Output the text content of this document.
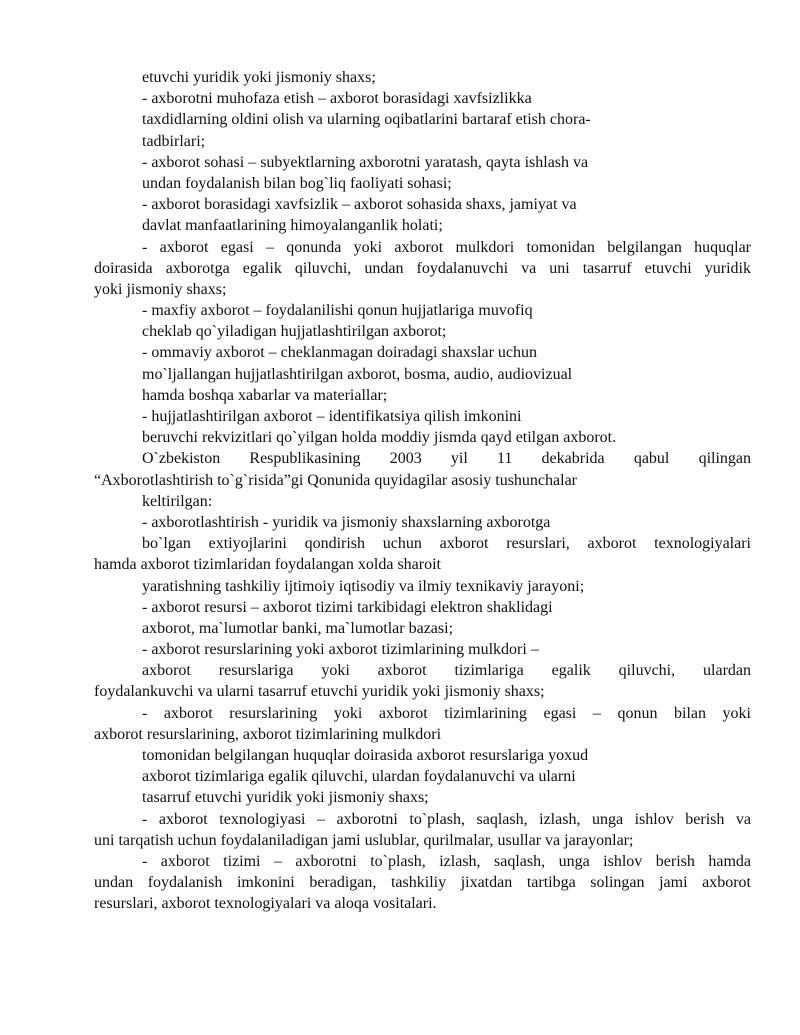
etuvchi yuridik yoki jismoniy shaxs;
- axborotni muhofaza etish – axborot borasidagi xavfsizlikka
taxdidlarning oldini olish va ularning oqibatlarini bartaraf etish chora-
tadbirlari;
- axborot sohasi – subyektlarning axborotni yaratash, qayta ishlash va
undan foydalanish bilan bog`liq faoliyati sohasi;
- axborot borasidagi xavfsizlik – axborot sohasida shaxs, jamiyat va
davlat manfaatlarining himoyalanganlik holati;
- axborot egasi – qonunda yoki axborot mulkdori tomonidan belgilangan huquqlar
doirasida axborotga egalik qiluvchi, undan foydalanuvchi va uni tasarruf etuvchi yuridik
yoki jismoniy shaxs;
- maxfiy axborot – foydalanilishi qonun hujjatlariga muvofiq
cheklab qo`yiladigan hujjatlashtirilgan axborot;
- ommaviy axborot – cheklanmagan doiradagi shaxslar uchun
mo`ljallangan hujjatlashtirilgan axborot, bosma, audio, audiovizual
hamda boshqa xabarlar va materiallar;
- hujjatlashtirilgan axborot – identifikatsiya qilish imkonini
beruvchi rekvizitlari qo`yilgan holda moddiy jismda qayd etilgan axborot.
O`zbekiston Respublikasining 2003 yil 11 dekabrida qabul qilingan
“Axborotlashtirish to`g`risida”gi Qonunida quyidagilar asosiy tushunchalar
keltirilgan:
- axborotlashtirish - yuridik va jismoniy shaxslarning axborotga
bo`lgan extiyojlarini qondirish uchun axborot resurslari, axborot texnologiyalari
hamda axborot tizimlaridan foydalangan xolda sharoit
yaratishning tashkiliy ijtimoiy iqtisodiy va ilmiy texnikaviy jarayoni;
- axborot resursi – axborot tizimi tarkibidagi elektron shaklidagi
axborot, ma`lumotlar banki, ma`lumotlar bazasi;
- axborot resurslarining yoki axborot tizimlarining mulkdori –
axborot resurslariga yoki axborot tizimlariga egalik qiluvchi, ulardan
foydalankuvchi va ularni tasarruf etuvchi yuridik yoki jismoniy shaxs;
- axborot resurslarining yoki axborot tizimlarining egasi – qonun bilan yoki
axborot resurslarining, axborot tizimlarining mulkdori
tomonidan belgilangan huquqlar doirasida axborot resurslariga yoxud
axborot tizimlariga egalik qiluvchi, ulardan foydalanuvchi va ularni
tasarruf etuvchi yuridik yoki jismoniy shaxs;
- axborot texnologiyasi – axborotni to`plash, saqlash, izlash, unga ishlov berish va
uni tarqatish uchun foydalaniladigan jami uslublar, qurilmalar, usullar va jarayonlar;
- axborot tizimi – axborotni to`plash, izlash, saqlash, unga ishlov berish hamda
undan foydalanish imkonini beradigan, tashkiliy jixatdan tartibga solingan jami axborot
resurslari, axborot texnologiyalari va aloqa vositalari.
